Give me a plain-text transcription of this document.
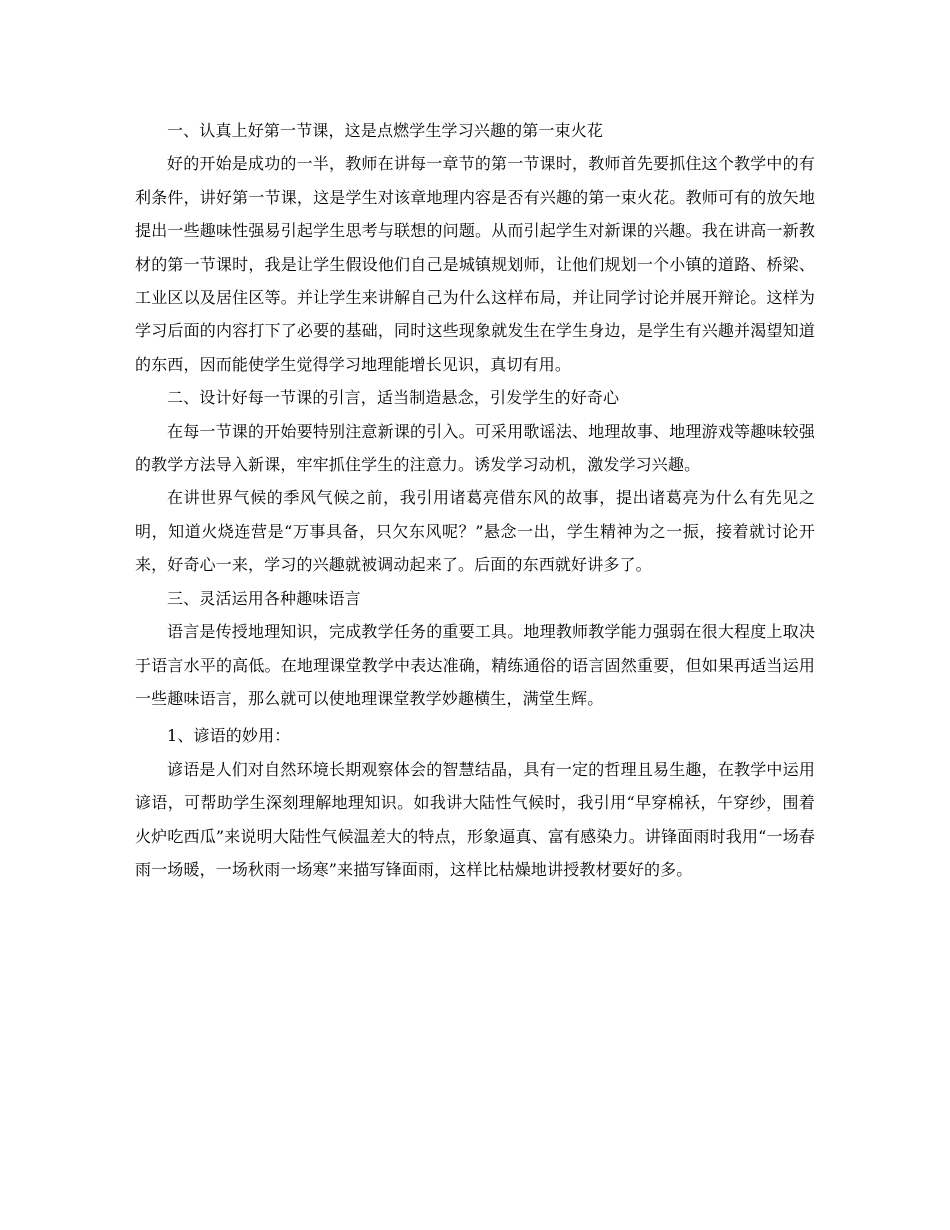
一、认真上好第一节课，这是点燃学生学习兴趣的第一束火花

好的开始是成功的一半，教师在讲每一章节的第一节课时，教师首先要抓住这个教学中的有利条件，讲好第一节课，这是学生对该章地理内容是否有兴趣的第一束火花。教师可有的放矢地提出一些趣味性强易引起学生思考与联想的问题。从而引起学生对新课的兴趣。我在讲高一新教材的第一节课时，我是让学生假设他们自己是城镇规划师，让他们规划一个小镇的道路、桥梁、工业区以及居住区等。并让学生来讲解自己为什么这样布局，并让同学讨论并展开辩论。这样为学习后面的内容打下了必要的基础，同时这些现象就发生在学生身边，是学生有兴趣并渴望知道的东西，因而能使学生觉得学习地理能增长见识，真切有用。

二、设计好每一节课的引言，适当制造悬念，引发学生的好奇心

在每一节课的开始要特别注意新课的引入。可采用歌谣法、地理故事、地理游戏等趣味较强的教学方法导入新课，牢牢抓住学生的注意力。诱发学习动机，激发学习兴趣。

在讲世界气候的季风气候之前，我引用诸葛亮借东风的故事，提出诸葛亮为什么有先见之明，知道火烧连营是“万事具备，只欠东风呢？”悬念一出，学生精神为之一振，接着就讨论开来，好奇心一来，学习的兴趣就被调动起来了。后面的东西就好讲多了。

三、灵活运用各种趣味语言

语言是传授地理知识，完成教学任务的重要工具。地理教师教学能力强弱在很大程度上取决于语言水平的高低。在地理课堂教学中表达准确，精练通俗的语言固然重要，但如果再适当运用一些趣味语言，那么就可以使地理课堂教学妙趣横生，满堂生辉。

1、谚语的妙用：

谚语是人们对自然环境长期观察体会的智慧结晶，具有一定的哲理且易生趣，在教学中运用谚语，可帮助学生深刻理解地理知识。如我讲大陆性气候时，我引用“早穿棉袄，午穿纱，围着火炉吃西瓜”来说明大陆性气候温差大的特点，形象逼真、富有感染力。讲锋面雨时我用“一场春雨一场暖，一场秋雨一场寒”来描写锋面雨，这样比枯燥地讲授教材要好的多。
